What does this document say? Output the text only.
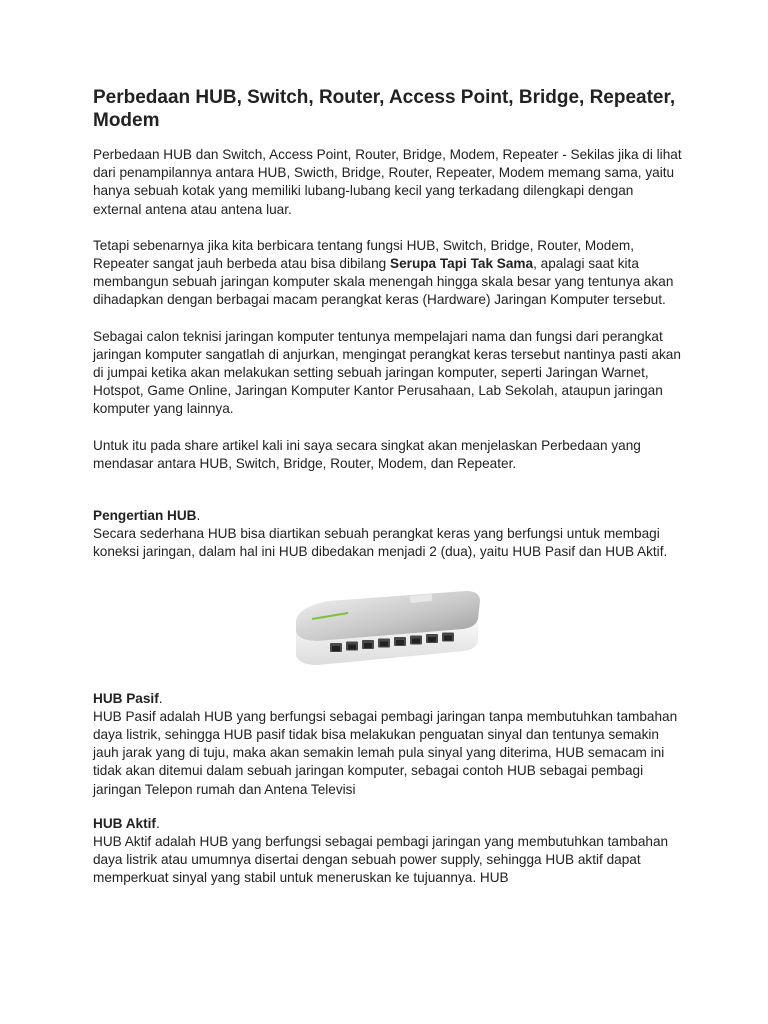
Perbedaan HUB, Switch, Router, Access Point, Bridge, Repeater, Modem

Perbedaan HUB dan Switch, Access Point, Router, Bridge, Modem, Repeater - Sekilas jika di lihat dari penampilannya antara HUB, Swicth, Bridge, Router, Repeater, Modem memang sama, yaitu hanya sebuah kotak yang memiliki lubang-lubang kecil yang terkadang dilengkapi dengan external antena atau antena luar.

Tetapi sebenarnya jika kita berbicara tentang fungsi HUB, Switch, Bridge, Router, Modem, Repeater sangat jauh berbeda atau bisa dibilang Serupa Tapi Tak Sama, apalagi saat kita membangun sebuah jaringan komputer skala menengah hingga skala besar yang tentunya akan dihadapkan dengan berbagai macam perangkat keras (Hardware) Jaringan Komputer tersebut.

Sebagai calon teknisi jaringan komputer tentunya mempelajari nama dan fungsi dari perangkat jaringan komputer sangatlah di anjurkan, mengingat perangkat keras tersebut nantinya pasti akan di jumpai ketika akan melakukan setting sebuah jaringan komputer, seperti Jaringan Warnet, Hotspot, Game Online, Jaringan Komputer Kantor Perusahaan, Lab Sekolah, ataupun jaringan komputer yang lainnya.

Untuk itu pada share artikel kali ini saya secara singkat akan menjelaskan Perbedaan yang mendasar antara HUB, Switch, Bridge, Router, Modem, dan Repeater.

Pengertian HUB.
Secara sederhana HUB bisa diartikan sebuah perangkat keras yang berfungsi untuk membagi koneksi jaringan, dalam hal ini HUB dibedakan menjadi 2 (dua), yaitu HUB Pasif dan HUB Aktif.
HUB Pasif.
HUB Pasif adalah HUB yang berfungsi sebagai pembagi jaringan tanpa membutuhkan tambahan daya listrik, sehingga HUB pasif tidak bisa melakukan penguatan sinyal dan tentunya semakin jauh jarak yang di tuju, maka akan semakin lemah pula sinyal yang diterima, HUB semacam ini tidak akan ditemui dalam sebuah jaringan komputer, sebagai contoh HUB sebagai pembagi jaringan Telepon rumah dan Antena Televisi
HUB Aktif.
HUB Aktif adalah HUB yang berfungsi sebagai pembagi jaringan yang membutuhkan tambahan daya listrik atau umumnya disertai dengan sebuah power supply, sehingga HUB aktif dapat memperkuat sinyal yang stabil untuk meneruskan ke tujuannya. HUB
